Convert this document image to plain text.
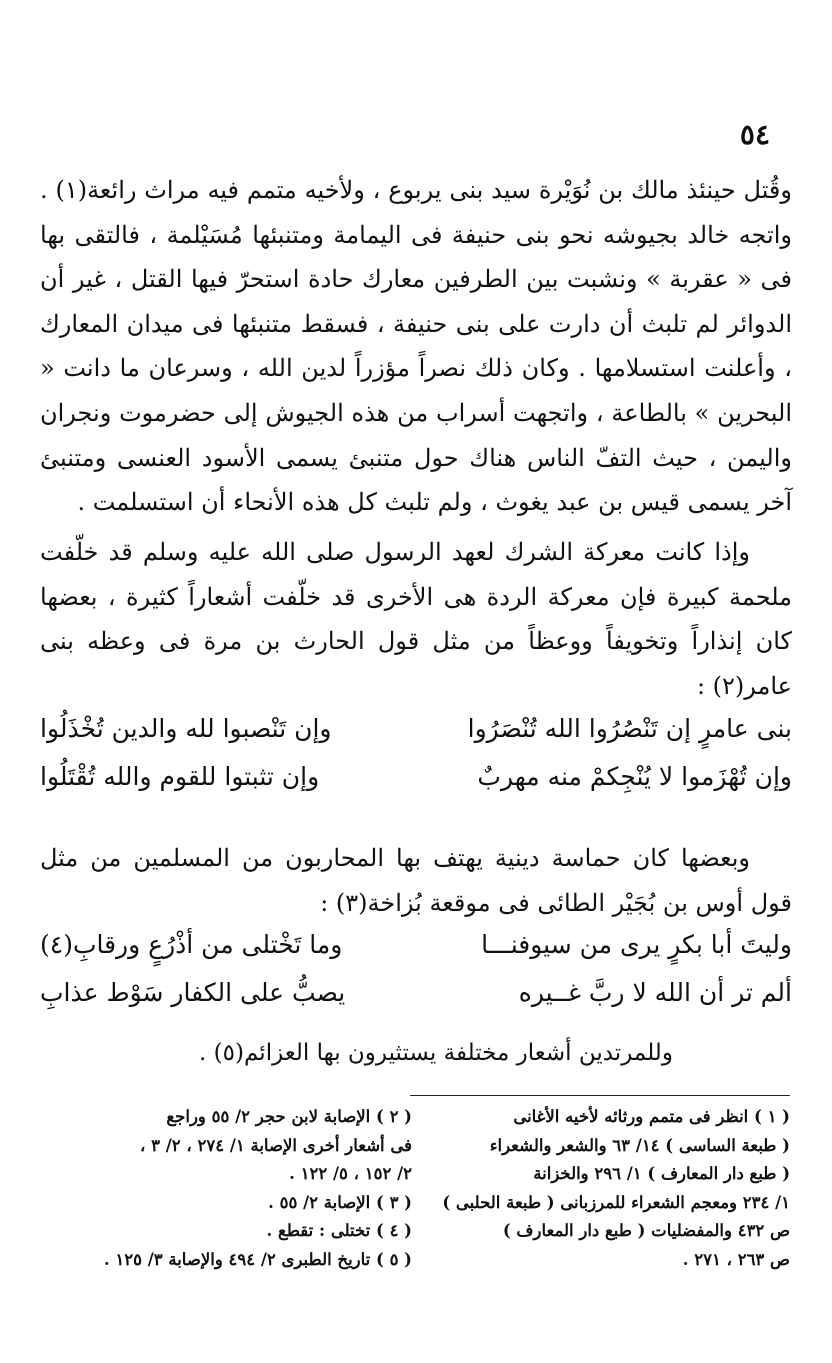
٥٤

وقُتل حينئذ مالك بن نُوَيْرة سيد بنى يربوع ، ولأخيه متمم فيه مراث رائعة(١) . واتجه خالد بجيوشه نحو بنى حنيفة فى اليمامة ومتنبئها مُسَيْلمة ، فالتقى بها فى « عقربة » ونشبت بين الطرفين معارك حادة استحرّ فيها القتل ، غير أن الدوائر لم تلبث أن دارت على بنى حنيفة ، فسقط متنبئها فى ميدان المعارك ، وأعلنت استسلامها . وكان ذلك نصراً مؤزراً لدين الله ، وسرعان ما دانت « البحرين » بالطاعة ، واتجهت أسراب من هذه الجيوش إلى حضرموت ونجران واليمن ، حيث التفّ الناس هناك حول متنبئ يسمى الأسود العنسى ومتنبئ آخر يسمى قيس بن عبد يغوث ، ولم تلبث كل هذه الأنحاء أن استسلمت .

وإذا كانت معركة الشرك لعهد الرسول صلى الله عليه وسلم قد خلّفت ملحمة كبيرة فإن معركة الردة هى الأخرى قد خلّفت أشعاراً كثيرة ، بعضها كان إنذاراً وتخويفاً ووعظاً من مثل قول الحارث بن مرة فى وعظه بنى عامر(٢) :

بنى عامرٍ إن تَنْصُرُوا الله تُنْصَرُوا
وإن تَنْصبوا لله والدين تُخْذَلُوا
وإن تُهْزَموا لا يُنْجِكمْ منه مهربٌ
وإن تثبتوا للقوم والله تُقْتَلُوا

وبعضها كان حماسة دينية يهتف بها المحاربون من المسلمين من مثل قول أوس بن بُجَيْر الطائى فى موقعة بُزاخة(٣) :

وليتَ أبا بكرٍ يرى من سيوفنـــا
وما تَخْتلى من أذْرُعٍ ورقابِ(٤)
ألم تر أن الله لا ربَّ غــيره
يصبُّ على الكفار سَوْط عذابِ
وللمرتدين أشعار مختلفة يستثيرون بها العزائم(٥) .

( ١ ) انظر فى متمم ورثائه لأخيه الأغانى

( طبعة الساسى ) ١٤/ ٦٣ والشعر والشعراء

( طبع دار المعارف ) ١/ ٢٩٦ والخزانة

١/ ٢٣٤ ومعجم الشعراء للمرزبانى ( طبعة الحلبى )

ص ٤٣٢ والمفضليات ( طبع دار المعارف )

ص ٢٦٣ ، ٢٧١ .

( ٢ ) الإصابة لابن حجر ٢/ ٥٥ وراجع

فى أشعار أخرى الإصابة ١/ ٢٧٤ ، ٢/ ٣ ،

٢/ ١٥٢ ، ٥/ ١٢٢ .

( ٣ ) الإصابة ٢/ ٥٥ .

( ٤ ) تختلى : تقطع .

( ٥ ) تاريخ الطبرى ٢/ ٤٩٤ والإصابة ٣/ ١٢٥ .
